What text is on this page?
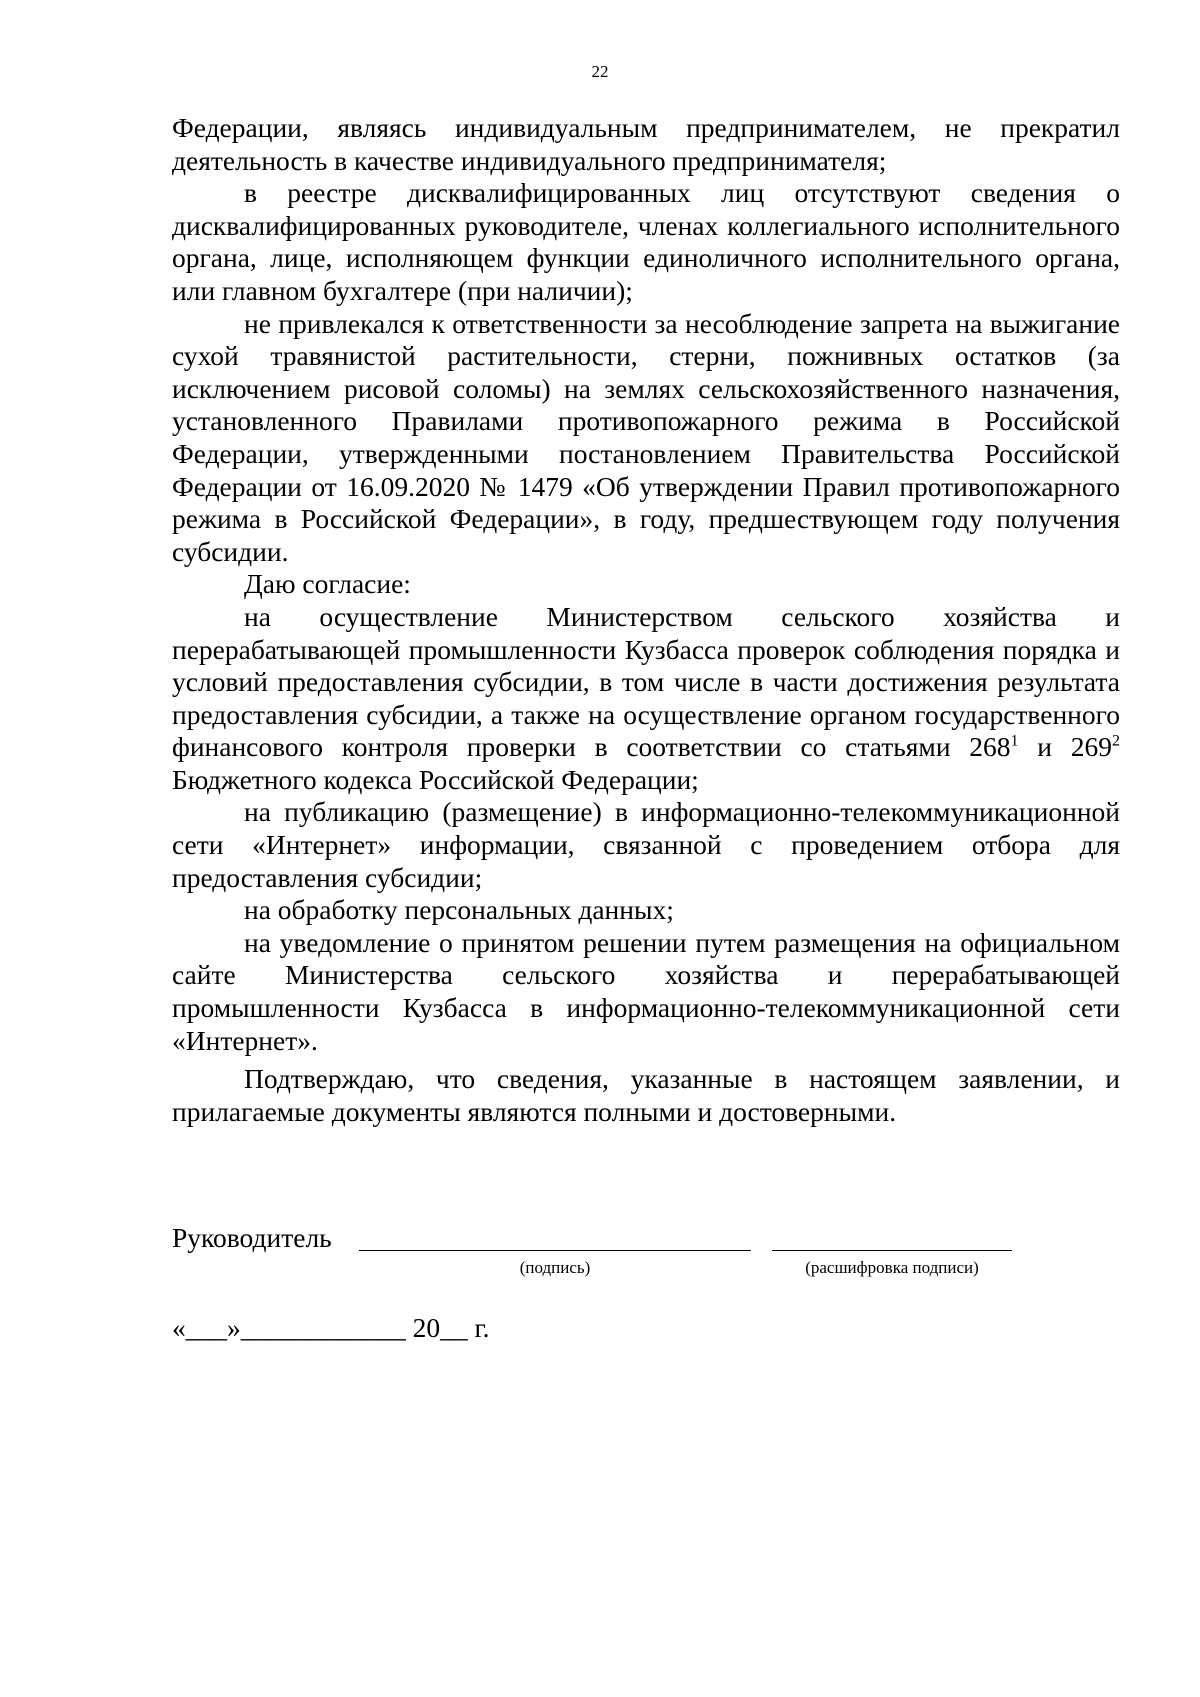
22

Федерации, являясь индивидуальным предпринимателем, не прекратил деятельность в качестве индивидуального предпринимателя;

в реестре дисквалифицированных лиц отсутствуют сведения о дисквалифицированных руководителе, членах коллегиального исполнительного органа, лице, исполняющем функции единоличного исполнительного органа, или главном бухгалтере (при наличии);

не привлекался к ответственности за несоблюдение запрета на выжигание сухой травянистой растительности, стерни, пожнивных остатков (за исключением рисовой соломы) на землях сельскохозяйственного назначения, установленного Правилами противопожарного режима в Российской Федерации, утвержденными постановлением Правительства Российской Федерации от 16.09.2020 № 1479 «Об утверждении Правил противопожарного режима в Российской Федерации», в году, предшествующем году получения субсидии.

Даю согласие:

на осуществление Министерством сельского хозяйства и перерабатывающей промышленности Кузбасса проверок соблюдения порядка и условий предоставления субсидии, в том числе в части достижения результата предоставления субсидии, а также на осуществление органом государственного финансового контроля проверки в соответствии со статьями $268^1$ и $269^2$ Бюджетного кодекса Российской Федерации;

на публикацию (размещение) в информационно-телекоммуникационной сети «Интернет» информации, связанной с проведением отбора для предоставления субсидии;

на обработку персональных данных;

на уведомление о принятом решении путем размещения на официальном сайте Министерства сельского хозяйства и перерабатывающей промышленности Кузбасса в информационно-телекоммуникационной сети «Интернет».

Подтверждаю, что сведения, указанные в настоящем заявлении, и прилагаемые документы являются полными и достоверными.

Руководитель
(подпись)	(расшифровка подписи)
«___»____________ 20__ г.
